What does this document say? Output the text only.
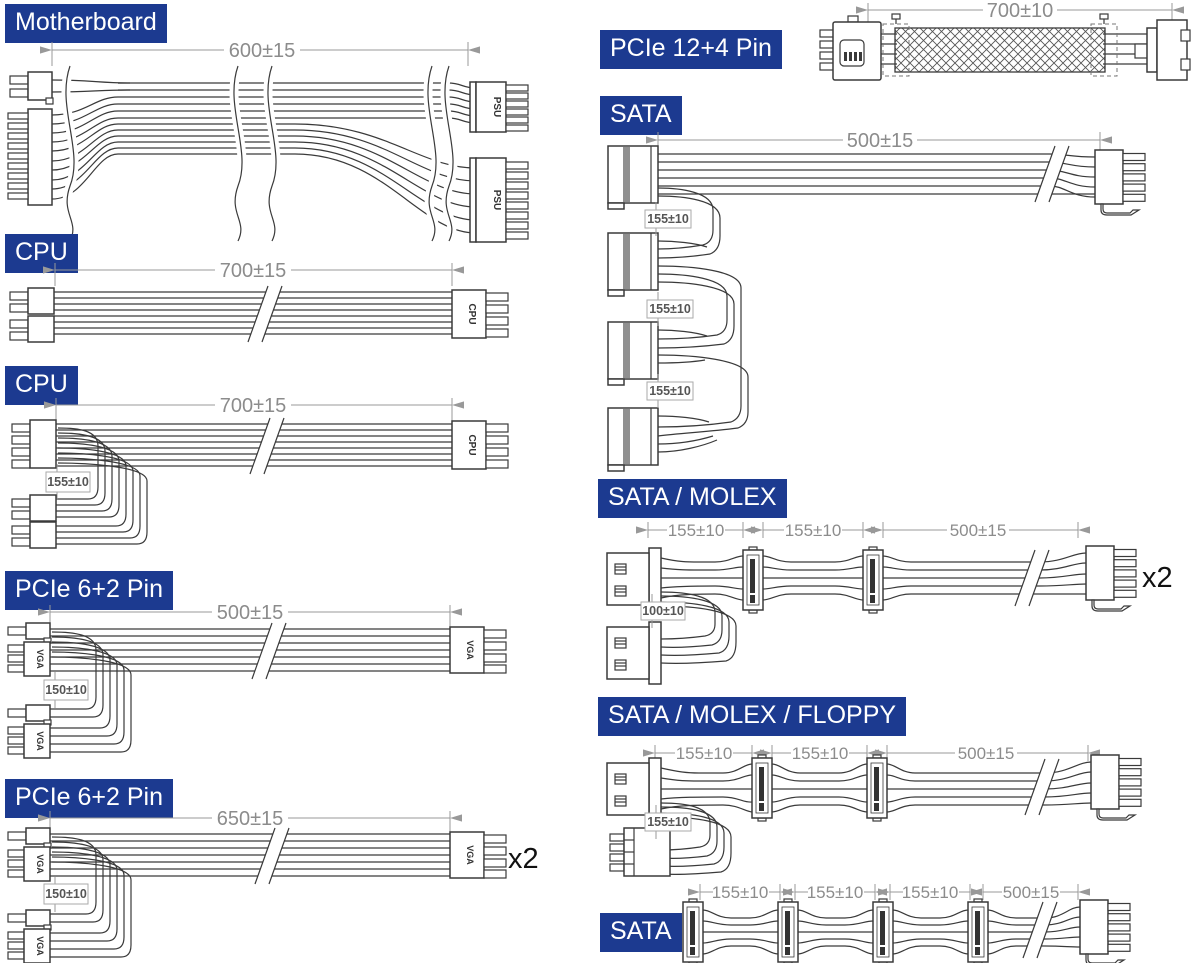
Motherboard
600±15
PSU
PSU
CPU
700±15
CPU
CPU
700±15
CPU
155±10
PCIe 6+2 Pin
500±15
VGA	VGA
150±10
VGA
PCIe 6+2 Pin
650±15
VGA	VGA x2
150±10
VGA
PCIe 12+4 Pin
700±10
SATA
500±15
155±10
155±10
155±10
SATA / MOLEX
155±10	155±10	500±15
x2
100±10
SATA / MOLEX / FLOPPY
155±10	155±10	500±15
155±10
SATA
155±10 155±10 155±10	500±15
